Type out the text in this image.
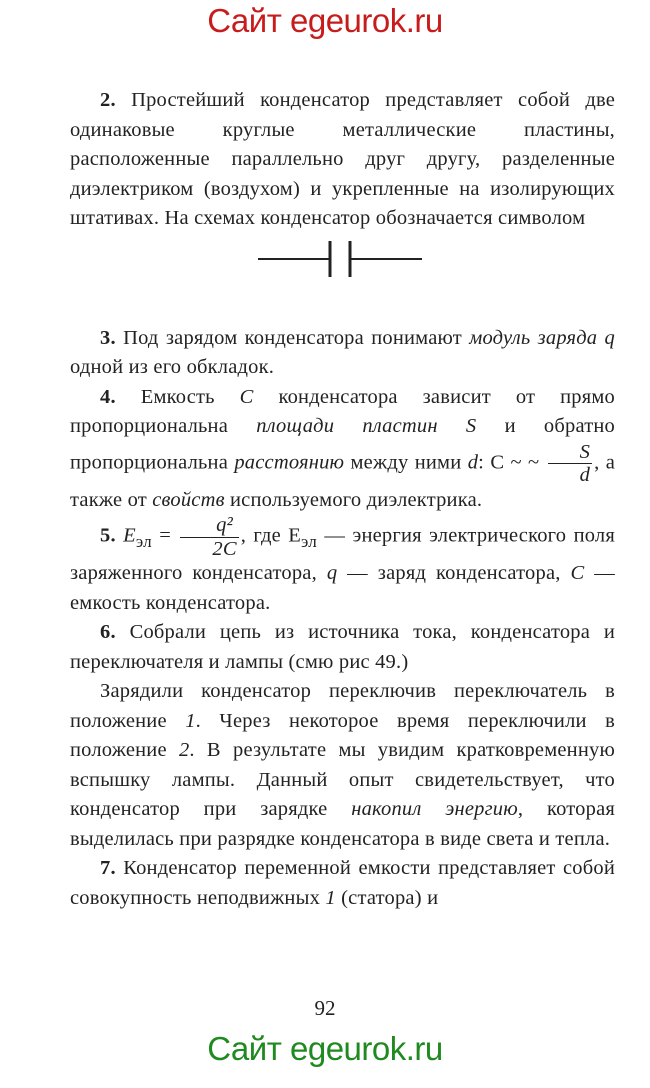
Сайт egeurok.ru

2. Простейший конденсатор представляет собой две одинаковые круглые металлические пластины, расположенные параллельно друг другу, разделенные диэлектриком (воздухом) и укрепленные на изолирующих штативах. На схемах конденсатор обозначается символом

3. Под зарядом конденсатора понимают модуль заряда q одной из его обкладок.

4. Емкость C конденсатора зависит от прямо пропорциональна площади пластин S и обратно пропорциональна расстоянию между ними d: C ~ ~ $\frac{S}{d}$ , а также от свойств используемого диэлектрика.

5. $E_{эл} = \frac{\text{q²}}{2C}$ , где $E_{эл}$ — энергия электрического поля заряженного конденсатора, q — заряд конденсатора, C — емкость конденсатора.

6. Собрали цепь из источника тока, конденсатора и переключателя и лампы (смю рис 49.)

Зарядили конденсатор переключив переключатель в положение 1. Через некоторое время переключили в положение 2. В результате мы увидим кратковременную вспышку лампы. Данный опыт свидетельствует, что конденсатор при зарядке накопил энергию, которая выделилась при разрядке конденсатора в виде света и тепла.

7. Конденсатор переменной емкости представляет собой совокупность неподвижных 1 (статора) и

92
Сайт egeurok.ru
